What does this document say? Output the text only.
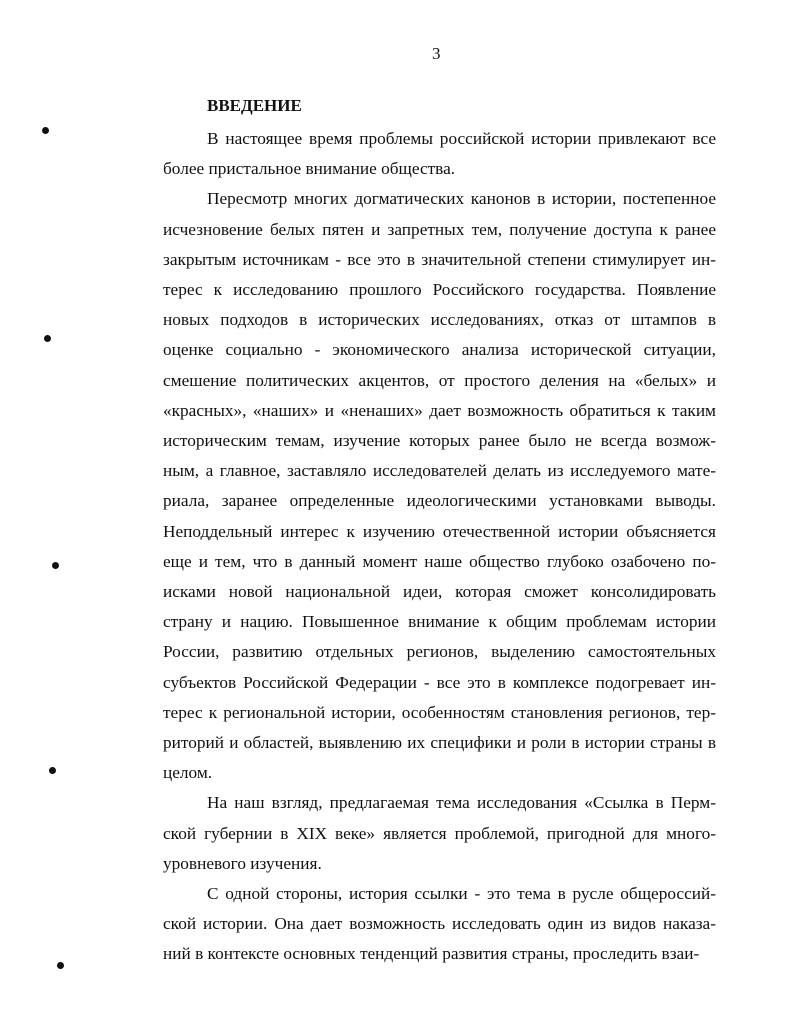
3
ВВЕДЕНИЕ
В настоящее время проблемы российской истории привлекают все
более пристальное внимание общества.
Пересмотр многих догматических канонов в истории, постепенное
исчезновение белых пятен и запретных тем, получение доступа к ранее
закрытым источникам - все это в значительной степени стимулирует ин-
терес к исследованию прошлого Российского государства. Появление
новых подходов в исторических исследованиях, отказ от штампов в
оценке социально - экономического анализа исторической ситуации,
смешение политических акцентов, от простого деления на «белых» и
«красных», «наших» и «ненаших» дает возможность обратиться к таким
историческим темам, изучение которых ранее было не всегда возмож-
ным, а главное, заставляло исследователей делать из исследуемого мате-
риала, заранее определенные идеологическими установками выводы.
Неподдельный интерес к изучению отечественной истории объясняется
еще и тем, что в данный момент наше общество глубоко озабочено по-
исками новой национальной идеи, которая сможет консолидировать
страну и нацию. Повышенное внимание к общим проблемам истории
России, развитию отдельных регионов, выделению самостоятельных
субъектов Российской Федерации - все это в комплексе подогревает ин-
терес к региональной истории, особенностям становления регионов, тер-
риторий и областей, выявлению их специфики и роли в истории страны в
целом.
На наш взгляд, предлагаемая тема исследования «Ссылка в Перм-
ской губернии в XIX веке» является проблемой, пригодной для много-
уровневого изучения.
С одной стороны, история ссылки - это тема в русле общероссий-
ской истории. Она дает возможность исследовать один из видов наказа-
ний в контексте основных тенденций развития страны, проследить взаи-
